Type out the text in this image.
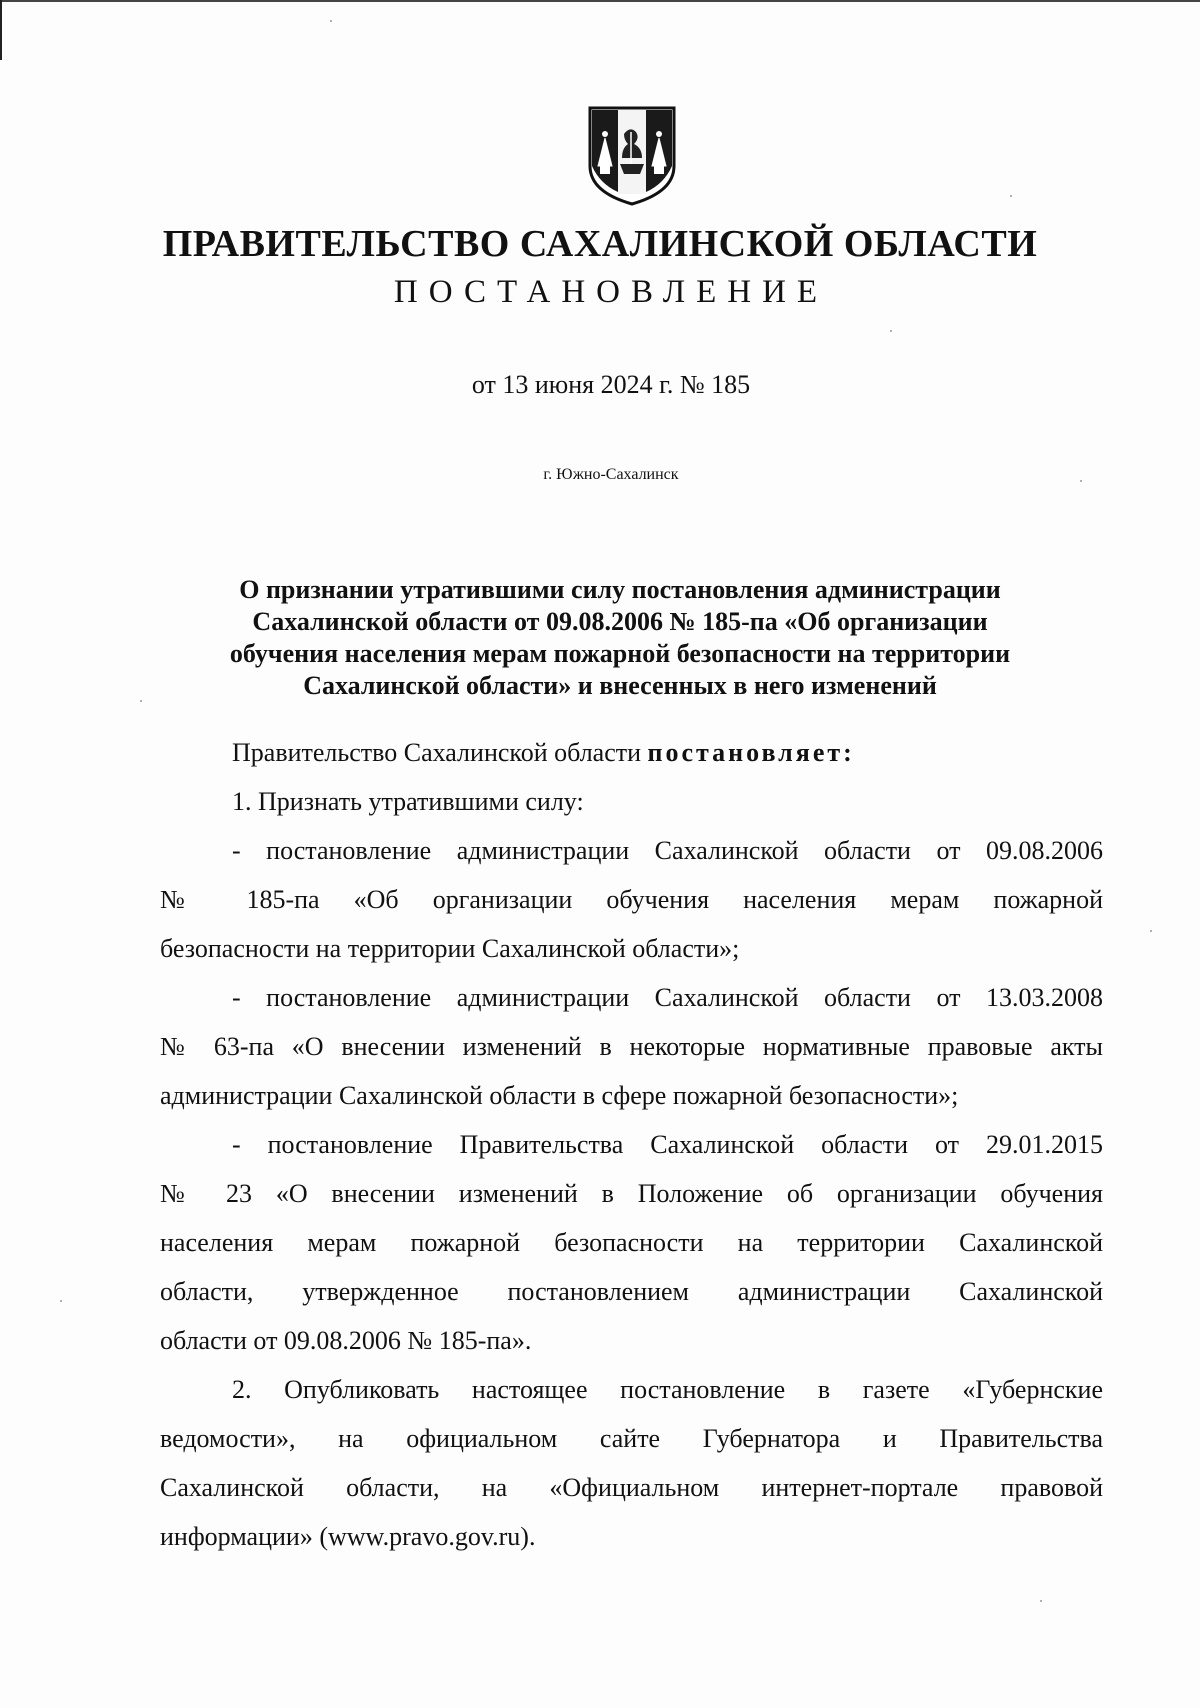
ПРАВИТЕЛЬСТВО САХАЛИНСКОЙ ОБЛАСТИ
ПОСТАНОВЛЕНИЕ
от 13 июня 2024 г. № 185
г. Южно-Сахалинск
О признании утратившими силу постановления администрации
Сахалинской области от 09.08.2006 № 185-па «Об организации
обучения населения мерам пожарной безопасности на территории
Сахалинской области» и внесенных в него изменений
Правительство Сахалинской области постановляет:
1. Признать утратившими силу:
- постановление администрации Сахалинской области от 09.08.2006
№ 185-па «Об организации обучения населения мерам пожарной
безопасности на территории Сахалинской области»;
- постановление администрации Сахалинской области от 13.03.2008
№ 63-па «О внесении изменений в некоторые нормативные правовые акты
администрации Сахалинской области в сфере пожарной безопасности»;
- постановление Правительства Сахалинской области от 29.01.2015
№ 23 «О внесении изменений в Положение об организации обучения
населения мерам пожарной безопасности на территории Сахалинской
области, утвержденное постановлением администрации Сахалинской
области от 09.08.2006 № 185-па».
2. Опубликовать настоящее постановление в газете «Губернские
ведомости», на официальном сайте Губернатора и Правительства
Сахалинской области, на «Официальном интернет-портале правовой
информации» (www.pravo.gov.ru).
